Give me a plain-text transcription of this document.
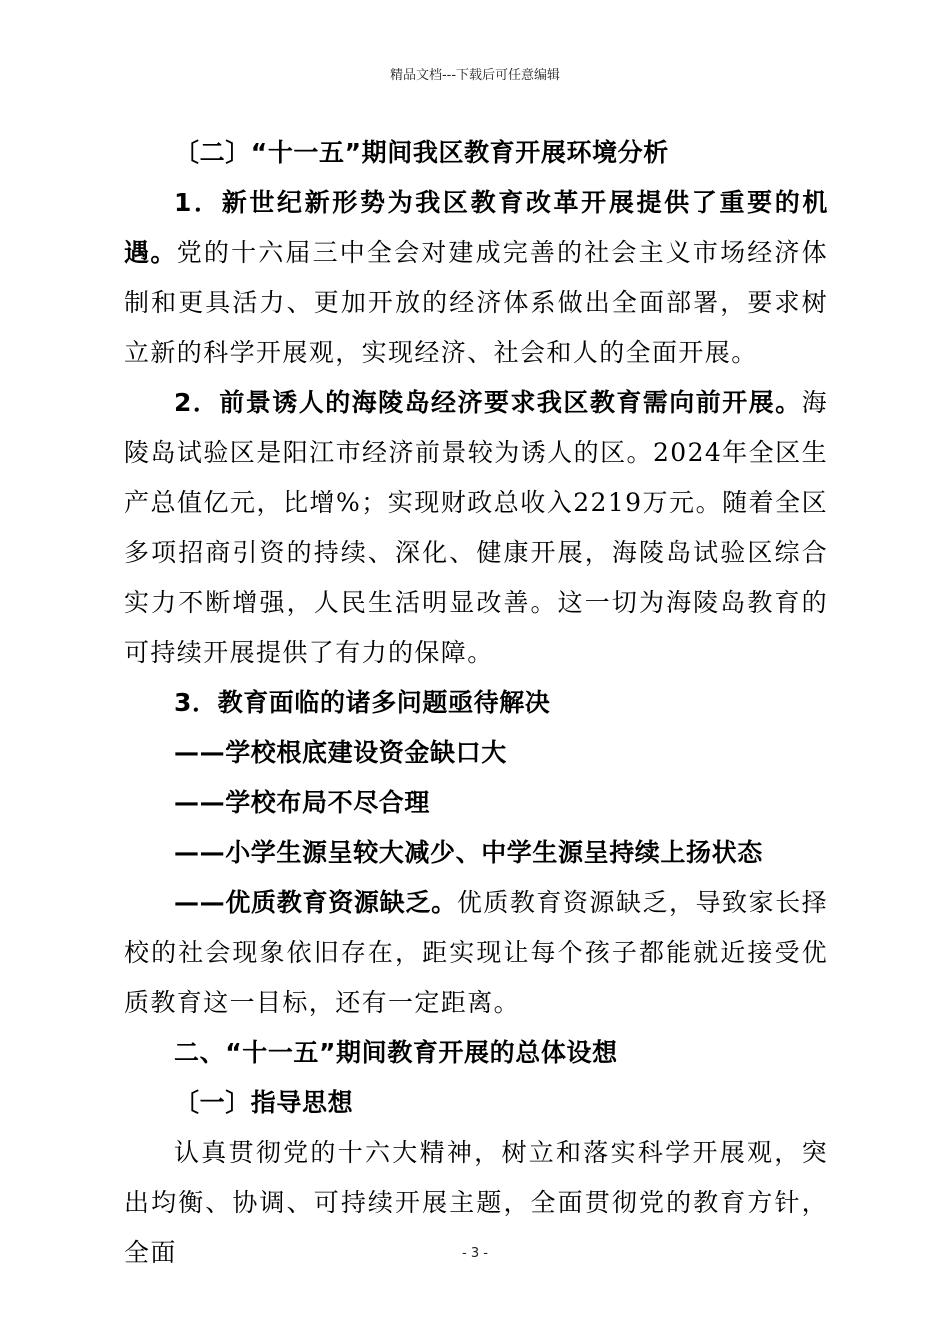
精品文档---下载后可任意编辑

〔二〕“十一五”期间我区教育开展环境分析

1．新世纪新形势为我区教育改革开展提供了重要的机遇。党的十六届三中全会对建成完善的社会主义市场经济体制和更具活力、更加开放的经济体系做出全面部署，要求树立新的科学开展观，实现经济、社会和人的全面开展。

2．前景诱人的海陵岛经济要求我区教育需向前开展。海陵岛试验区是阳江市经济前景较为诱人的区。2024年全区生产总值亿元，比增%；实现财政总收入2219万元。随着全区多项招商引资的持续、深化、健康开展，海陵岛试验区综合实力不断增强，人民生活明显改善。这一切为海陵岛教育的可持续开展提供了有力的保障。

3．教育面临的诸多问题亟待解决

——学校根底建设资金缺口大

——学校布局不尽合理

——小学生源呈较大减少、中学生源呈持续上扬状态

——优质教育资源缺乏。优质教育资源缺乏，导致家长择校的社会现象依旧存在，距实现让每个孩子都能就近接受优质教育这一目标，还有一定距离。

二、“十一五”期间教育开展的总体设想

〔一〕指导思想

认真贯彻党的十六大精神，树立和落实科学开展观，突出均衡、协调、可持续开展主题，全面贯彻党的教育方针，全面	- 3 -
